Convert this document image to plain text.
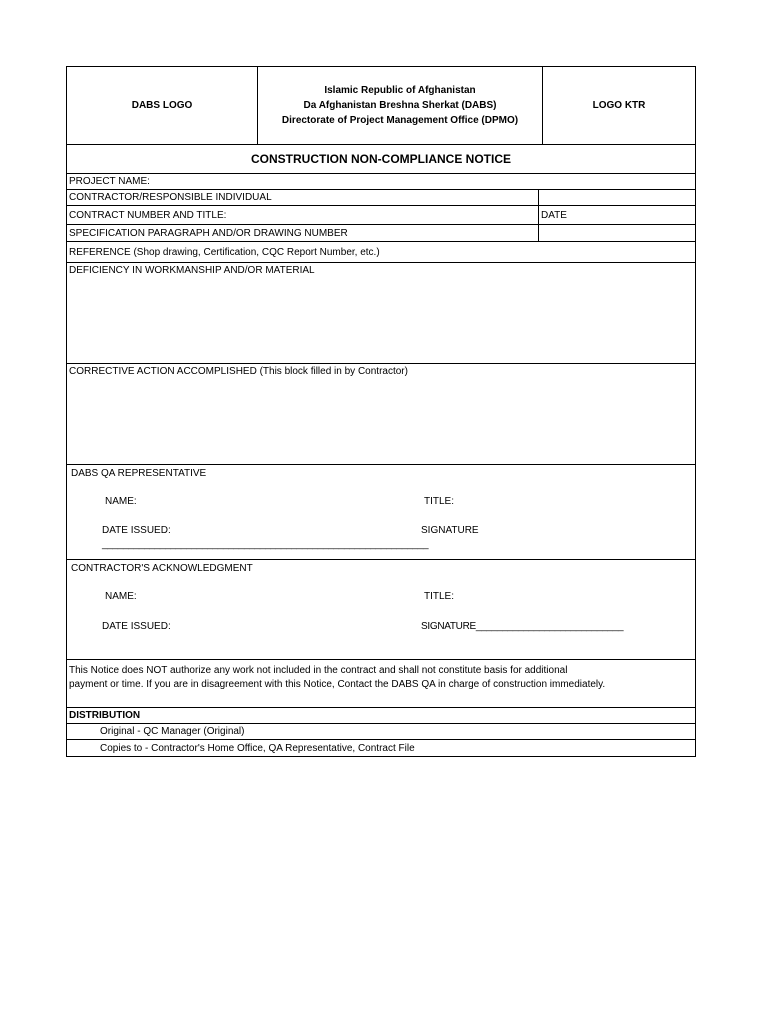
DABS LOGO
Islamic Republic of Afghanistan
Da Afghanistan Breshna Sherkat (DABS)
Directorate of Project Management Office (DPMO)
LOGO KTR
CONSTRUCTION NON-COMPLIANCE NOTICE
PROJECT NAME:
CONTRACTOR/RESPONSIBLE INDIVIDUAL
CONTRACT NUMBER AND TITLE:	DATE
SPECIFICATION PARAGRAPH AND/OR DRAWING NUMBER
REFERENCE (Shop drawing, Certification, CQC Report Number, etc.)
DEFICIENCY IN WORKMANSHIP AND/OR MATERIAL
CORRECTIVE ACTION ACCOMPLISHED (This block filled in by Contractor)
DABS QA REPRESENTATIVE
NAME:	TITLE:
DATE ISSUED:	SIGNATURE
______________________________________________________________
CONTRACTOR'S ACKNOWLEDGMENT
NAME:	TITLE:
DATE ISSUED:	SIGNATURE____________________________
This Notice does NOT authorize any work not included in the contract and shall not constitute basis for additional
payment or time. If you are in disagreement with this Notice, Contact the DABS QA in charge of construction immediately.
DISTRIBUTION
Original - QC Manager (Original)
Copies to - Contractor's Home Office, QA Representative, Contract File
